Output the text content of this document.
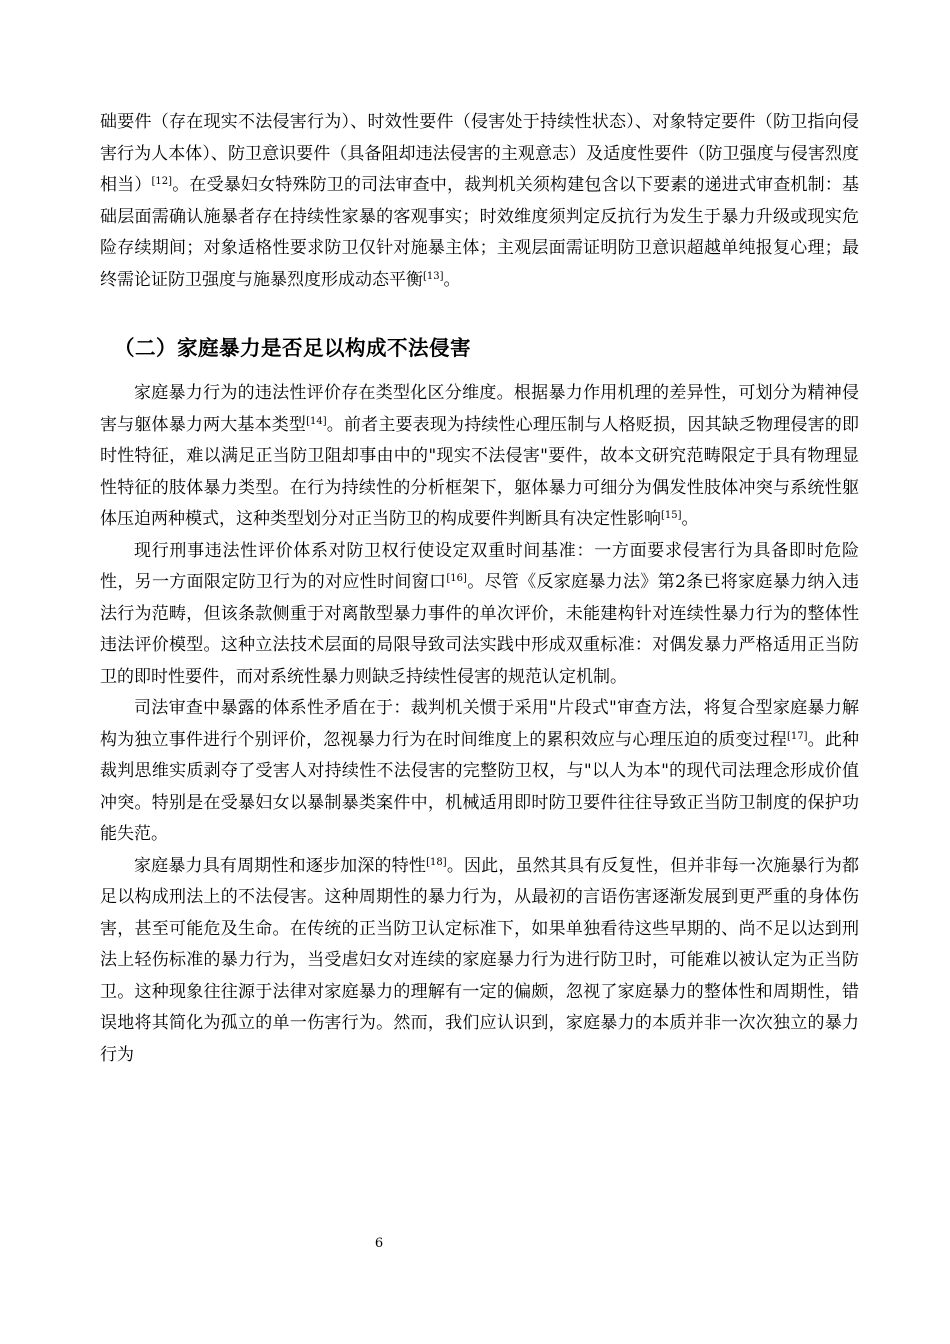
础要件（存在现实不法侵害行为）、时效性要件（侵害处于持续性状态）、对象特定要件（防卫指向侵害行为人本体）、防卫意识要件（具备阻却违法侵害的主观意志）及适度性要件（防卫强度与侵害烈度相当）[12]。在受暴妇女特殊防卫的司法审查中，裁判机关须构建包含以下要素的递进式审查机制：基础层面需确认施暴者存在持续性家暴的客观事实；时效维度须判定反抗行为发生于暴力升级或现实危险存续期间；对象适格性要求防卫仅针对施暴主体；主观层面需证明防卫意识超越单纯报复心理；最终需论证防卫强度与施暴烈度形成动态平衡[13]。

（二）家庭暴力是否足以构成不法侵害

家庭暴力行为的违法性评价存在类型化区分维度。根据暴力作用机理的差异性，可划分为精神侵害与躯体暴力两大基本类型[14]。前者主要表现为持续性心理压制与人格贬损，因其缺乏物理侵害的即时性特征，难以满足正当防卫阻却事由中的"现实不法侵害"要件，故本文研究范畴限定于具有物理显性特征的肢体暴力类型。在行为持续性的分析框架下，躯体暴力可细分为偶发性肢体冲突与系统性躯体压迫两种模式，这种类型划分对正当防卫的构成要件判断具有决定性影响[15]。

现行刑事违法性评价体系对防卫权行使设定双重时间基准：一方面要求侵害行为具备即时危险性，另一方面限定防卫行为的对应性时间窗口[16]。尽管《反家庭暴力法》第2条已将家庭暴力纳入违法行为范畴，但该条款侧重于对离散型暴力事件的单次评价，未能建构针对连续性暴力行为的整体性违法评价模型。这种立法技术层面的局限导致司法实践中形成双重标准：对偶发暴力严格适用正当防卫的即时性要件，而对系统性暴力则缺乏持续性侵害的规范认定机制。

司法审查中暴露的体系性矛盾在于：裁判机关惯于采用"片段式"审查方法，将复合型家庭暴力解构为独立事件进行个别评价，忽视暴力行为在时间维度上的累积效应与心理压迫的质变过程[17]。此种裁判思维实质剥夺了受害人对持续性不法侵害的完整防卫权，与"以人为本"的现代司法理念形成价值冲突。特别是在受暴妇女以暴制暴类案件中，机械适用即时防卫要件往往导致正当防卫制度的保护功能失范。

家庭暴力具有周期性和逐步加深的特性[18]。因此，虽然其具有反复性，但并非每一次施暴行为都足以构成刑法上的不法侵害。这种周期性的暴力行为，从最初的言语伤害逐渐发展到更严重的身体伤害，甚至可能危及生命。在传统的正当防卫认定标准下，如果单独看待这些早期的、尚不足以达到刑法上轻伤标准的暴力行为，当受虐妇女对连续的家庭暴力行为进行防卫时，可能难以被认定为正当防卫。这种现象往往源于法律对家庭暴力的理解有一定的偏颇，忽视了家庭暴力的整体性和周期性，错误地将其简化为孤立的单一伤害行为。然而，我们应认识到，家庭暴力的本质并非一次次独立的暴力行为

6
